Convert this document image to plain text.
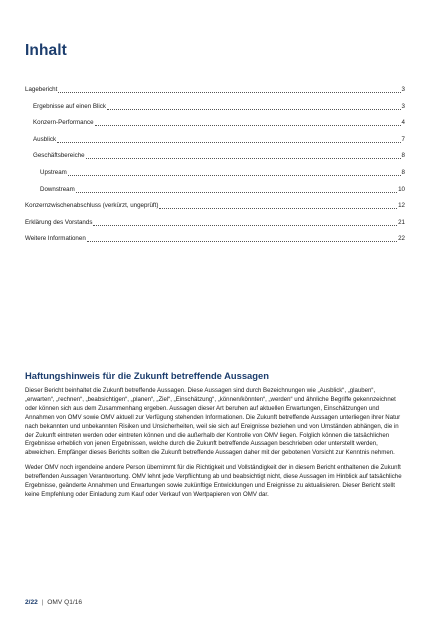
Inhalt
Lagebericht	3
Ergebnisse auf einen Blick	3
Konzern-Performance	4
Ausblick	7
Geschäftsbereiche	8
Upstream	8
Downstream	10
Konzernzwischenabschluss (verkürzt, ungeprüft)	12
Erklärung des Vorstands	21
Weitere Informationen	22
Haftungshinweis für die Zukunft betreffende Aussagen

Dieser Bericht beinhaltet die Zukunft betreffende Aussagen. Diese Aussagen sind durch Bezeichnungen wie „Ausblick“, „glauben“, „erwarten“, „rechnen“, „beabsichtigen“, „planen“, „Ziel“, „Einschätzung“, „können/könnten“, „werden“ und ähnliche Begriffe gekennzeichnet oder können sich aus dem Zusammenhang ergeben. Aussagen dieser Art beruhen auf aktuellen Erwartungen, Einschätzungen und Annahmen von OMV sowie OMV aktuell zur Verfügung stehenden Informationen. Die Zukunft betreffende Aussagen unterliegen ihrer Natur nach bekannten und unbekannten Risiken und Unsicherheiten, weil sie sich auf Ereignisse beziehen und von Umständen abhängen, die in der Zukunft eintreten werden oder eintreten können und die außerhalb der Kontrolle von OMV liegen. Folglich können die tatsächlichen Ergebnisse erheblich von jenen Ergebnissen, welche durch die Zukunft betreffende Aussagen beschrieben oder unterstellt werden, abweichen. Empfänger dieses Berichts sollten die Zukunft betreffende Aussagen daher mit der gebotenen Vorsicht zur Kenntnis nehmen.

Weder OMV noch irgendeine andere Person übernimmt für die Richtigkeit und Vollständigkeit der in diesem Bericht enthaltenen die Zukunft betreffenden Aussagen Verantwortung. OMV lehnt jede Verpflichtung ab und beabsichtigt nicht, diese Aussagen im Hinblick auf tatsächliche Ergebnisse, geänderte Annahmen und Erwartungen sowie zukünftige Entwicklungen und Ereignisse zu aktualisieren. Dieser Bericht stellt keine Empfehlung oder Einladung zum Kauf oder Verkauf von Wertpapieren von OMV dar.

2/22 | OMV Q1/16
